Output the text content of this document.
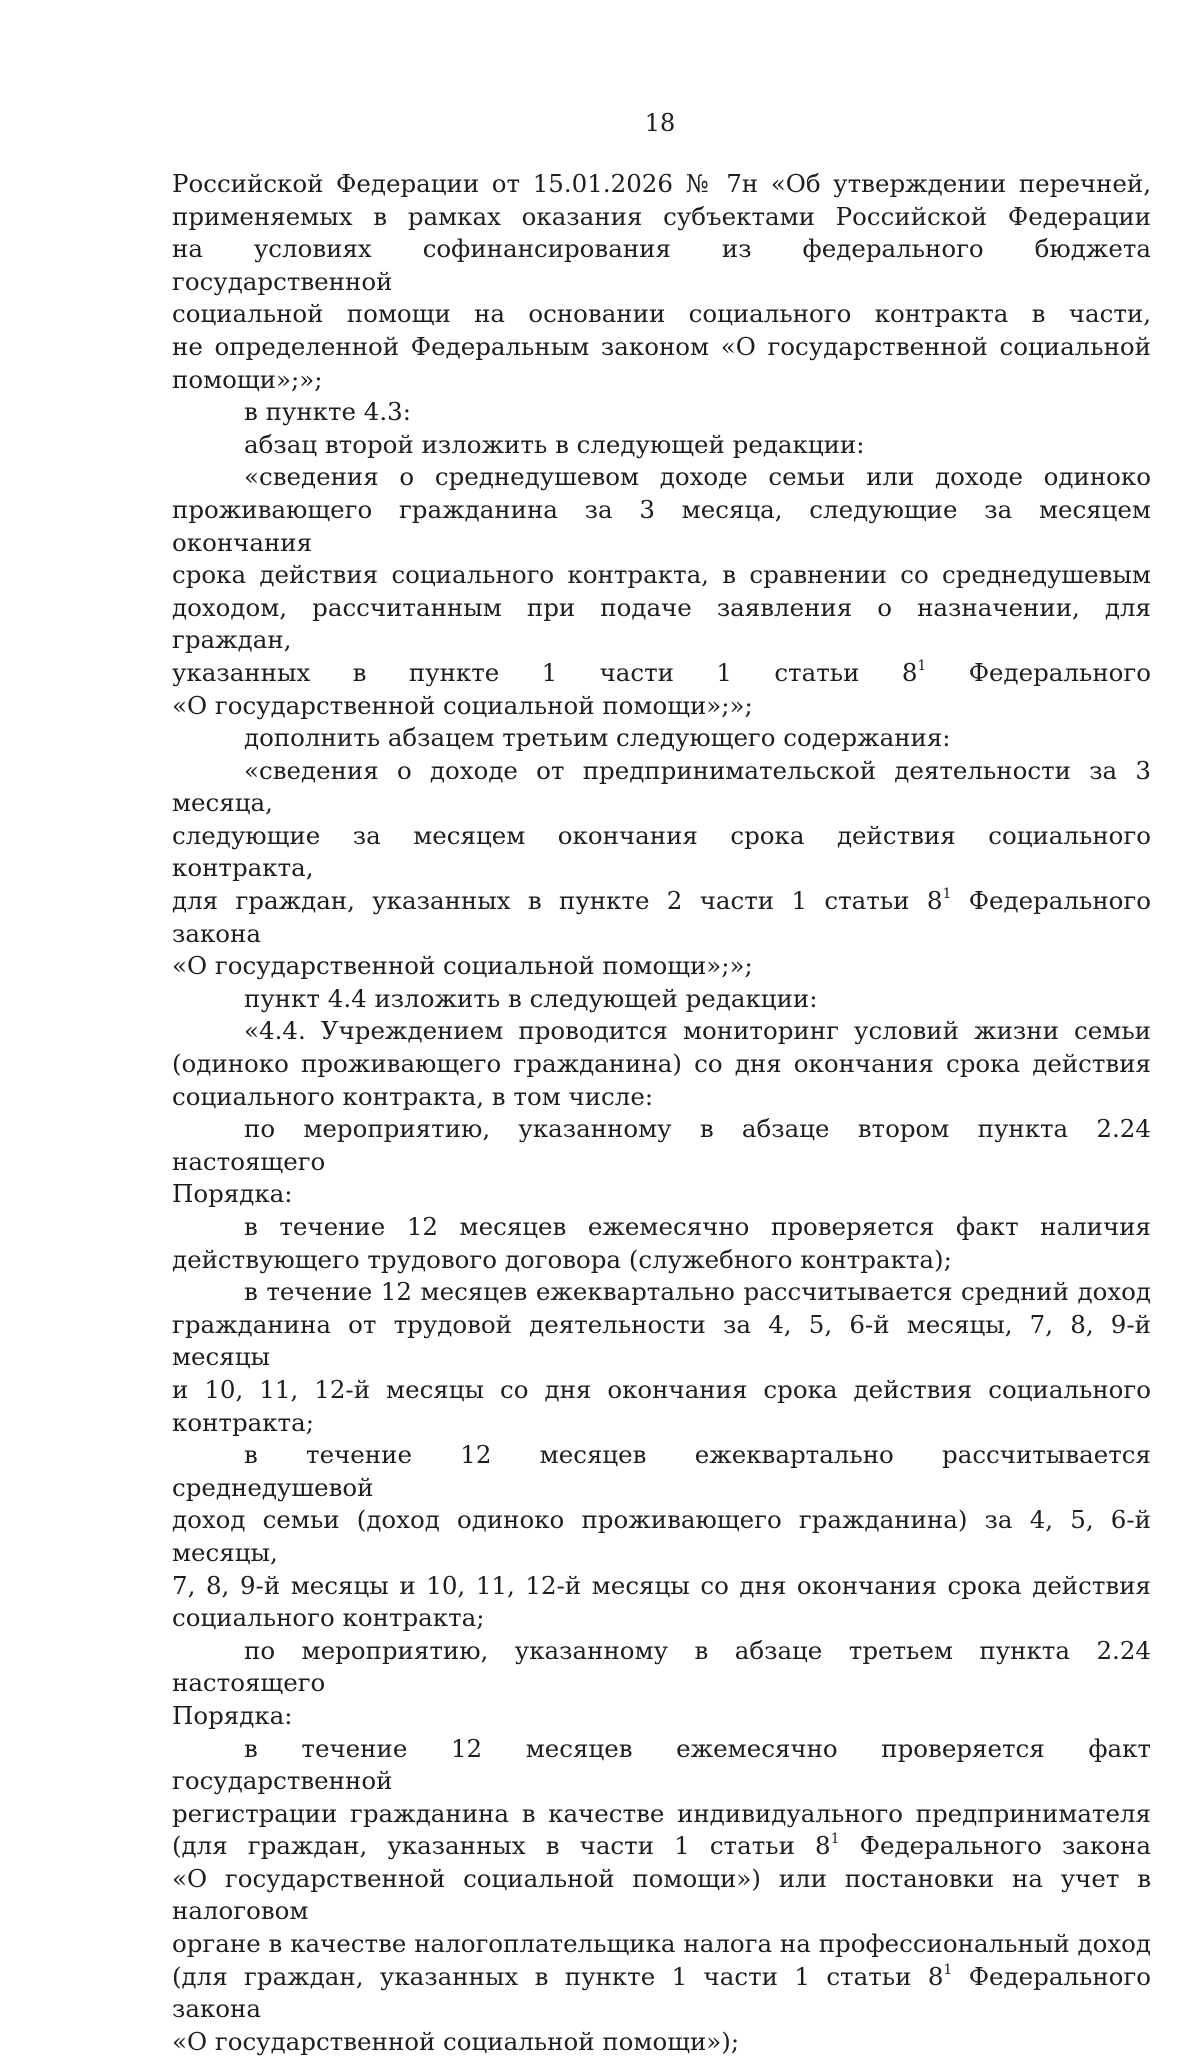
18
Российской Федерации от 15.01.2026 № 7н «Об утверждении перечней,
применяемых в рамках оказания субъектами Российской Федерации
на условиях софинансирования из федерального бюджета государственной
социальной помощи на основании социального контракта в части,
не определенной Федеральным законом «О государственной социальной
помощи»;»;
в пункте 4.3:
абзац второй изложить в следующей редакции:
«сведения о среднедушевом доходе семьи или доходе одиноко
проживающего гражданина за 3 месяца, следующие за месяцем окончания
срока действия социального контракта, в сравнении со среднедушевым
доходом, рассчитанным при подаче заявления о назначении, для граждан,
указанных в пункте 1 части 1 статьи $8^1$ Федерального
«О государственной социальной помощи»;»;
дополнить абзацем третьим следующего содержания:
«сведения о доходе от предпринимательской деятельности за 3 месяца,
следующие за месяцем окончания срока действия социального контракта,
для граждан, указанных в пункте 2 части 1 статьи $8^1$ Федерального закона
«О государственной социальной помощи»;»;
пункт 4.4 изложить в следующей редакции:
«4.4. Учреждением проводится мониторинг условий жизни семьи
(одиноко проживающего гражданина) со дня окончания срока действия
социального контракта, в том числе:
по мероприятию, указанному в абзаце втором пункта 2.24 настоящего
Порядка:
в течение 12 месяцев ежемесячно проверяется факт наличия
действующего трудового договора (служебного контракта);
в течение 12 месяцев ежеквартально рассчитывается средний доход
гражданина от трудовой деятельности за 4, 5, 6-й месяцы, 7, 8, 9-й месяцы
и 10, 11, 12-й месяцы со дня окончания срока действия социального контракта;
в течение 12 месяцев ежеквартально рассчитывается среднедушевой
доход семьи (доход одиноко проживающего гражданина) за 4, 5, 6-й месяцы,
7, 8, 9-й месяцы и 10, 11, 12-й месяцы со дня окончания срока действия
социального контракта;
по мероприятию, указанному в абзаце третьем пункта 2.24 настоящего
Порядка:
в течение 12 месяцев ежемесячно проверяется факт государственной
регистрации гражданина в качестве индивидуального предпринимателя
(для граждан, указанных в части 1 статьи $8^1$ Федерального закона
«О государственной социальной помощи») или постановки на учет в налоговом
органе в качестве налогоплательщика налога на профессиональный доход
(для граждан, указанных в пункте 1 части 1 статьи $8^1$ Федерального закона
«О государственной социальной помощи»);
